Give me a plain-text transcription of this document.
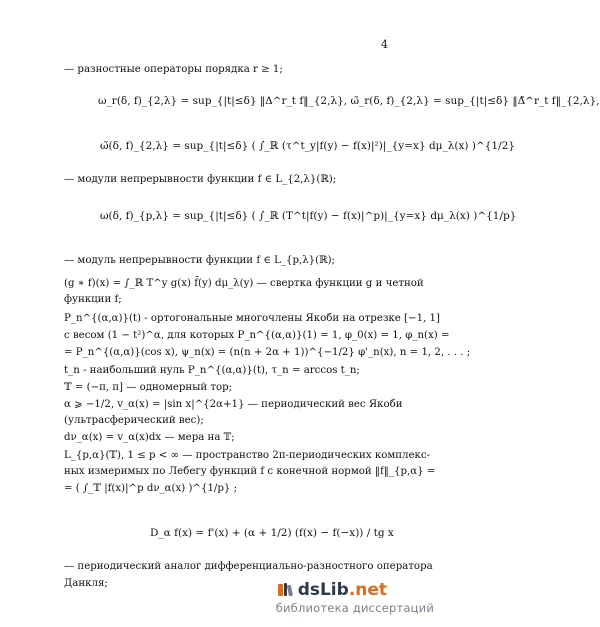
4
— разностные операторы порядка r ≥ 1;
ω_r(δ, f)_{2,λ} = sup_{|t|≤δ} ‖Δ^r_t f‖_{2,λ}, ω̃_r(δ, f)_{2,λ} = sup_{|t|≤δ} ‖Δ̃^r_t f‖_{2,λ},
ω̃(δ, f)_{2,λ} = sup_{|t|≤δ} ( ∫_ℝ (τ^t_y|f(y) − f(x)|²)|_{y=x} dμ_λ(x) )^{1/2}
— модули непрерывности функции f ∈ L_{2,λ}(ℝ);
ω(δ, f)_{p,λ} = sup_{|t|≤δ} ( ∫_ℝ (T^t|f(y) − f(x)|^p)|_{y=x} dμ_λ(x) )^{1/p}
— модуль непрерывности функции f ∈ L_{p,λ}(ℝ);
(g ∗ f)(x) = ∫_ℝ T^y g(x) f̄(y) dμ_λ(y) — свертка функции g и четной
функции f;
P_n^{(α,α)}(t) - ортогональные многочлены Якоби на отрезке [−1, 1]
с весом (1 − t²)^α, для которых P_n^{(α,α)}(1) = 1, φ_0(x) = 1, φ_n(x) =
= P_n^{(α,α)}(cos x), ψ_n(x) = (n(n + 2α + 1))^{−1/2} φ'_n(x), n = 1, 2, . . . ;
t_n - наибольший нуль P_n^{(α,α)}(t), τ_n = arccos t_n;
𝕋 = (−π, π] — одномерный тор;
α ⩾ −1/2, v_α(x) = |sin x|^{2α+1} — периодический вес Якоби
(ультрасферический вес);
dν_α(x) = v_α(x)dx — мера на 𝕋;
L_{p,α}(𝕋), 1 ≤ p < ∞ — пространство 2π-периодических комплекс-
ных измеримых по Лебегу функций f с конечной нормой ‖f‖_{p,α} =
= ( ∫_𝕋 |f(x)|^p dν_α(x) )^{1/p} ;
D_α f(x) = f'(x) + (α + 1/2) (f(x) − f(−x)) / tg x
— периодический аналог дифференциально-разностного оператора
Данкля;	dsLib.net
библиотека диссертаций
